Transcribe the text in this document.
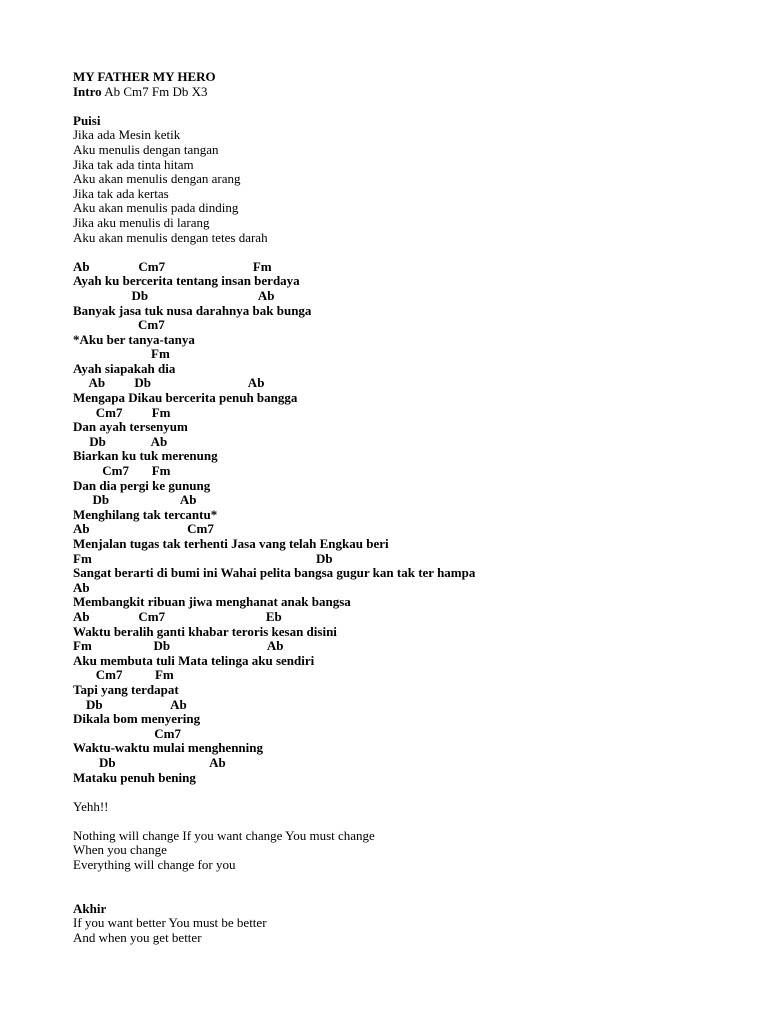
MY FATHER MY HERO
Intro Ab Cm7 Fm Db X3
Puisi
Jika ada Mesin ketik
Aku menulis dengan tangan
Jika tak ada tinta hitam
Aku akan menulis dengan arang
Jika tak ada kertas
Aku akan menulis pada dinding
Jika aku menulis di larang
Aku akan menulis dengan tetes darah
Ab               Cm7                           Fm
Ayah ku bercerita tentang insan berdaya
Db                                  Ab
Banyak jasa tuk nusa darahnya bak bunga
Cm7
*Aku ber tanya-tanya
Fm
Ayah siapakah dia
Ab         Db                              Ab
Mengapa Dikau bercerita penuh bangga
Cm7         Fm
Dan ayah tersenyum
Db              Ab
Biarkan ku tuk merenung
Cm7       Fm
Dan dia pergi ke gunung
Db                      Ab
Menghilang tak tercantu*
Ab                              Cm7
Menjalan tugas tak terhenti Jasa vang telah Engkau beri
Fm                                                                     Db
Sangat berarti di bumi ini Wahai pelita bangsa gugur kan tak ter hampa
Ab
Membangkit ribuan jiwa menghanat anak bangsa
Ab               Cm7                               Eb
Waktu beralih ganti khabar teroris kesan disini
Fm                   Db                              Ab
Aku membuta tuli Mata telinga aku sendiri
Cm7          Fm
Tapi yang terdapat
Db                     Ab
Dikala bom menyering
Cm7
Waktu-waktu mulai menghenning
Db                             Ab
Mataku penuh bening
Yehh!!
Nothing will change If you want change You must change
When you change
Everything will change for you
Akhir
If you want better You must be better
And when you get better
